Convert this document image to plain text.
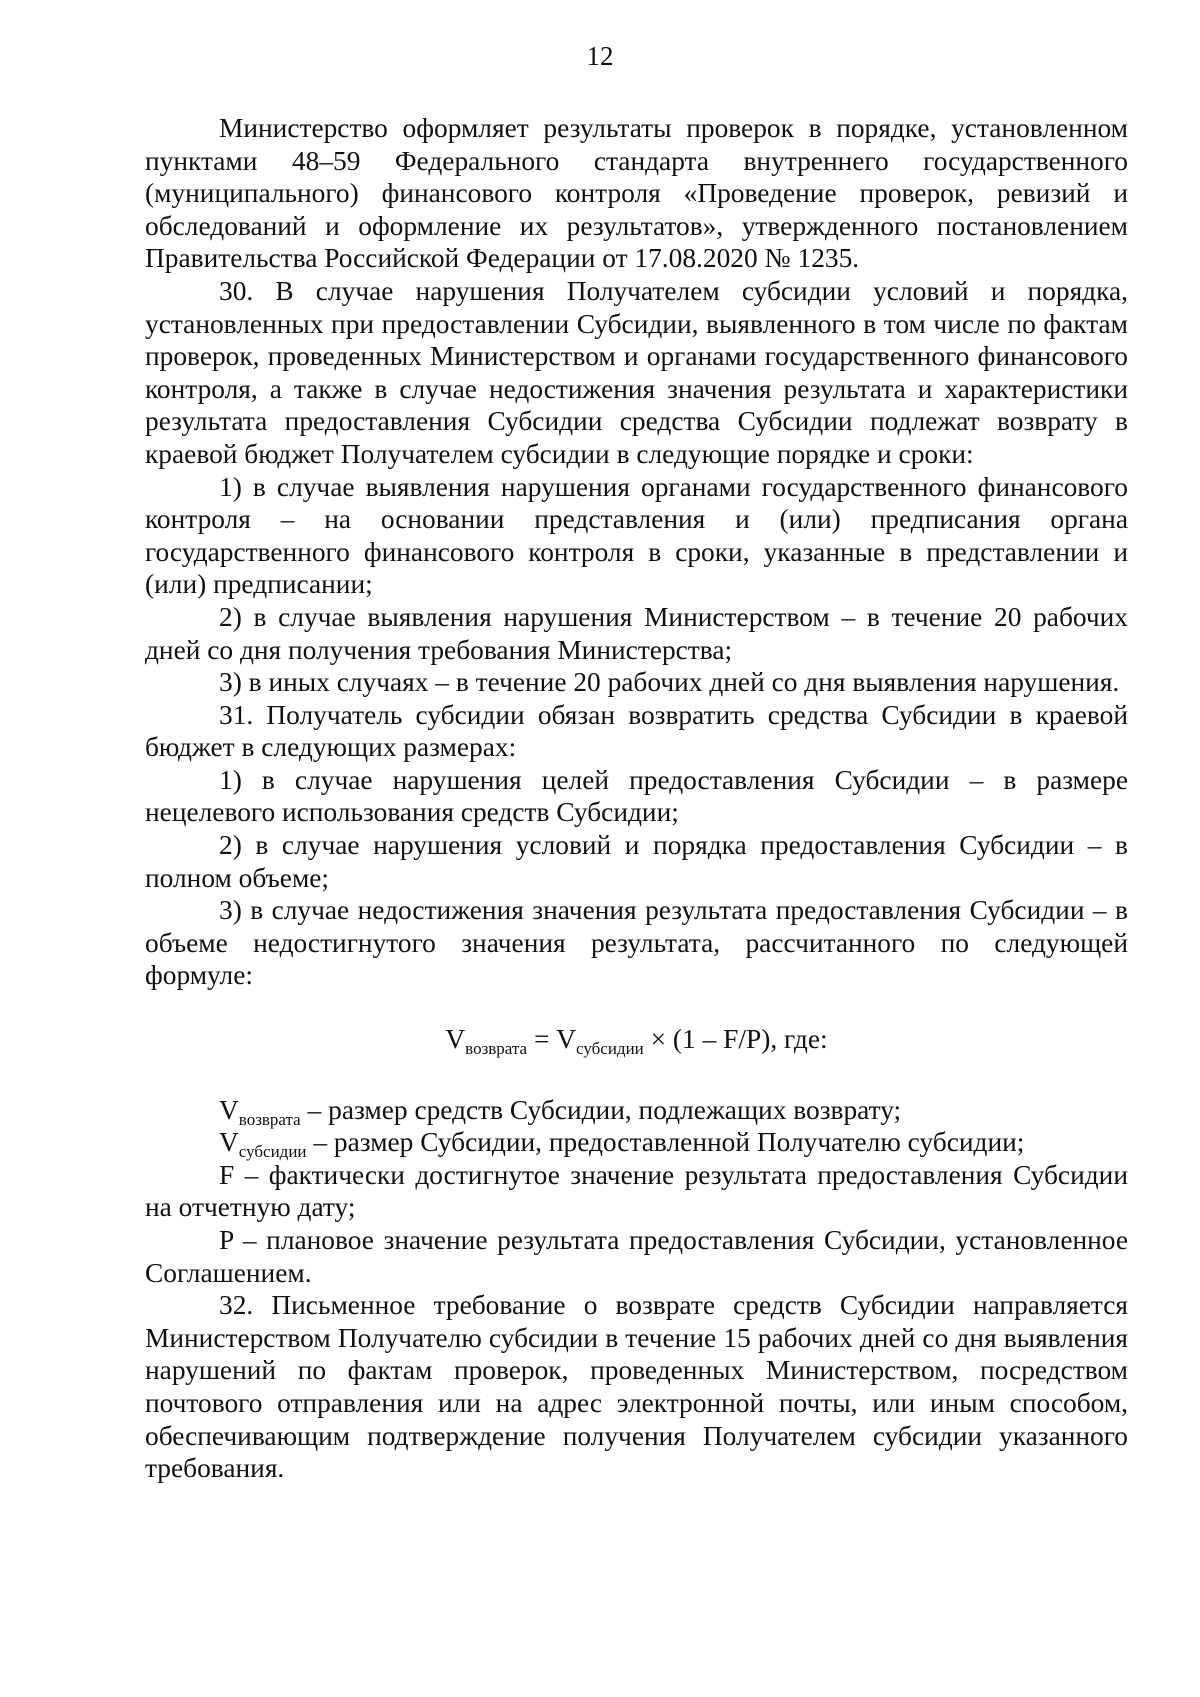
12

Министерство оформляет результаты проверок в порядке, установленном пунктами 48–59 Федерального стандарта внутреннего государственного (муниципального) финансового контроля «Проведение проверок, ревизий и обследований и оформление их результатов», утвержденного постановлением Правительства Российской Федерации от 17.08.2020 № 1235.

30. В случае нарушения Получателем субсидии условий и порядка, установленных при предоставлении Субсидии, выявленного в том числе по фактам проверок, проведенных Министерством и органами государственного финансового контроля, а также в случае недостижения значения результата и характеристики результата предоставления Субсидии средства Субсидии подлежат возврату в краевой бюджет Получателем субсидии в следующие порядке и сроки:

1) в случае выявления нарушения органами государственного финансового контроля – на основании представления и (или) предписания органа государственного финансового контроля в сроки, указанные в представлении и (или) предписании;

2) в случае выявления нарушения Министерством – в течение 20 рабочих дней со дня получения требования Министерства;

3) в иных случаях – в течение 20 рабочих дней со дня выявления нарушения.

31. Получатель субсидии обязан возвратить средства Субсидии в краевой бюджет в следующих размерах:

1) в случае нарушения целей предоставления Субсидии – в размере нецелевого использования средств Субсидии;

2) в случае нарушения условий и порядка предоставления Субсидии – в полном объеме;

3) в случае недостижения значения результата предоставления Субсидии – в объеме недостигнутого значения результата, рассчитанного по следующей формуле:

$V_{возврата} = V_{субсидии} \times (1 - F/P)$, где:

$V_{возврата}$ – размер средств Субсидии, подлежащих возврату;

$V_{субсидии}$ – размер Субсидии, предоставленной Получателю субсидии;

F – фактически достигнутое значение результата предоставления Субсидии на отчетную дату;

P – плановое значение результата предоставления Субсидии, установленное Соглашением.

32. Письменное требование о возврате средств Субсидии направляется Министерством Получателю субсидии в течение 15 рабочих дней со дня выявления нарушений по фактам проверок, проведенных Министерством, посредством почтового отправления или на адрес электронной почты, или иным способом, обеспечивающим подтверждение получения Получателем субсидии указанного требования.
